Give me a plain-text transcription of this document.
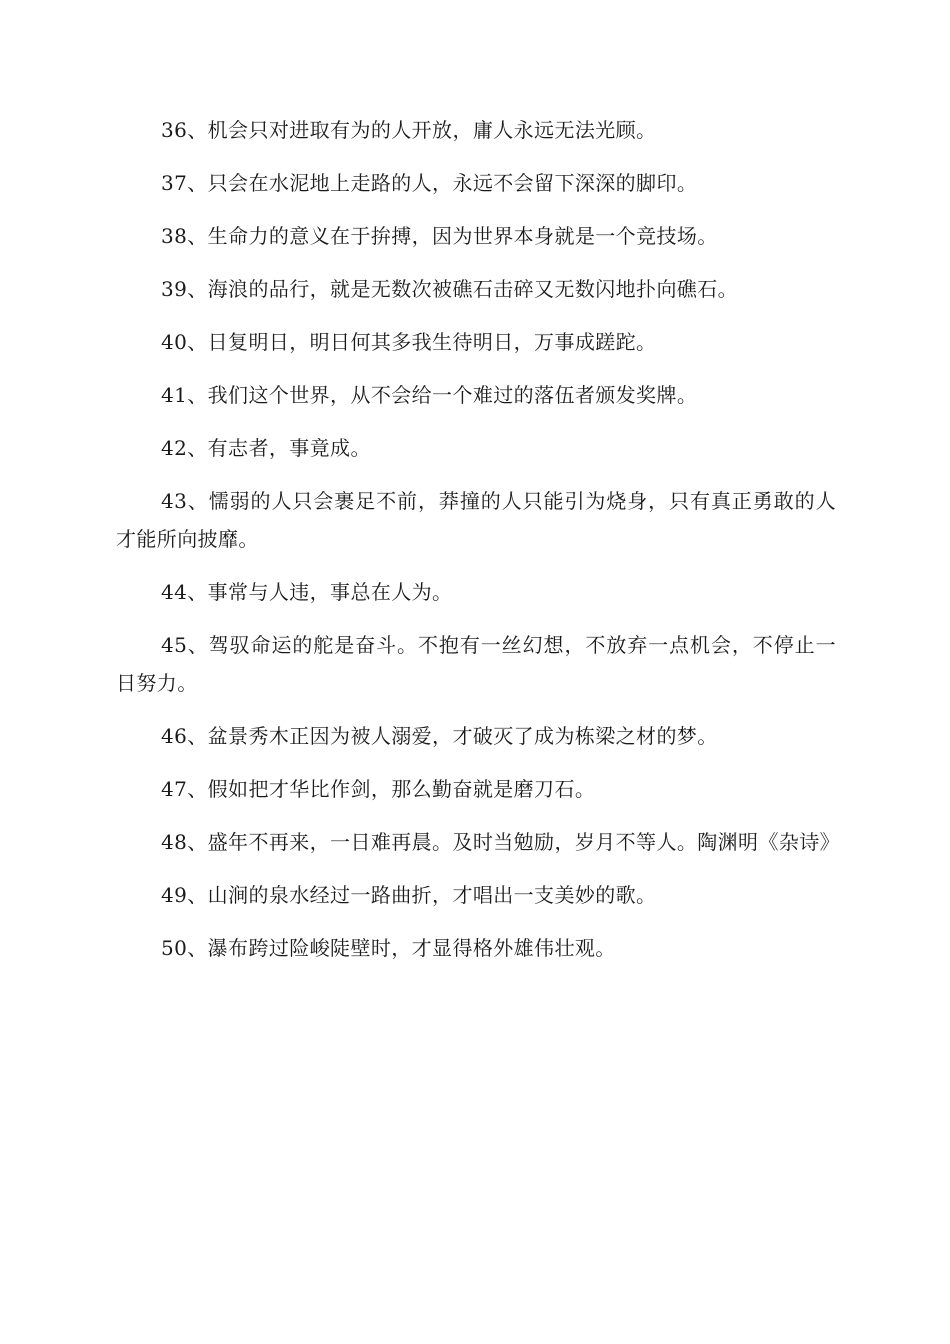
36、机会只对进取有为的人开放，庸人永远无法光顾。

37、只会在水泥地上走路的人，永远不会留下深深的脚印。

38、生命力的意义在于拚搏，因为世界本身就是一个竞技场。

39、海浪的品行，就是无数次被礁石击碎又无数闪地扑向礁石。

40、日复明日，明日何其多我生待明日，万事成蹉跎。

41、我们这个世界，从不会给一个难过的落伍者颁发奖牌。

42、有志者，事竟成。

43、懦弱的人只会裹足不前，莽撞的人只能引为烧身，只有真正勇敢的人才能所向披靡。

44、事常与人违，事总在人为。

45、驾驭命运的舵是奋斗。不抱有一丝幻想，不放弃一点机会，不停止一日努力。

46、盆景秀木正因为被人溺爱，才破灭了成为栋梁之材的梦。

47、假如把才华比作剑，那么勤奋就是磨刀石。

48、盛年不再来，一日难再晨。及时当勉励，岁月不等人。陶渊明《杂诗》

49、山涧的泉水经过一路曲折，才唱出一支美妙的歌。

50、瀑布跨过险峻陡壁时，才显得格外雄伟壮观。
